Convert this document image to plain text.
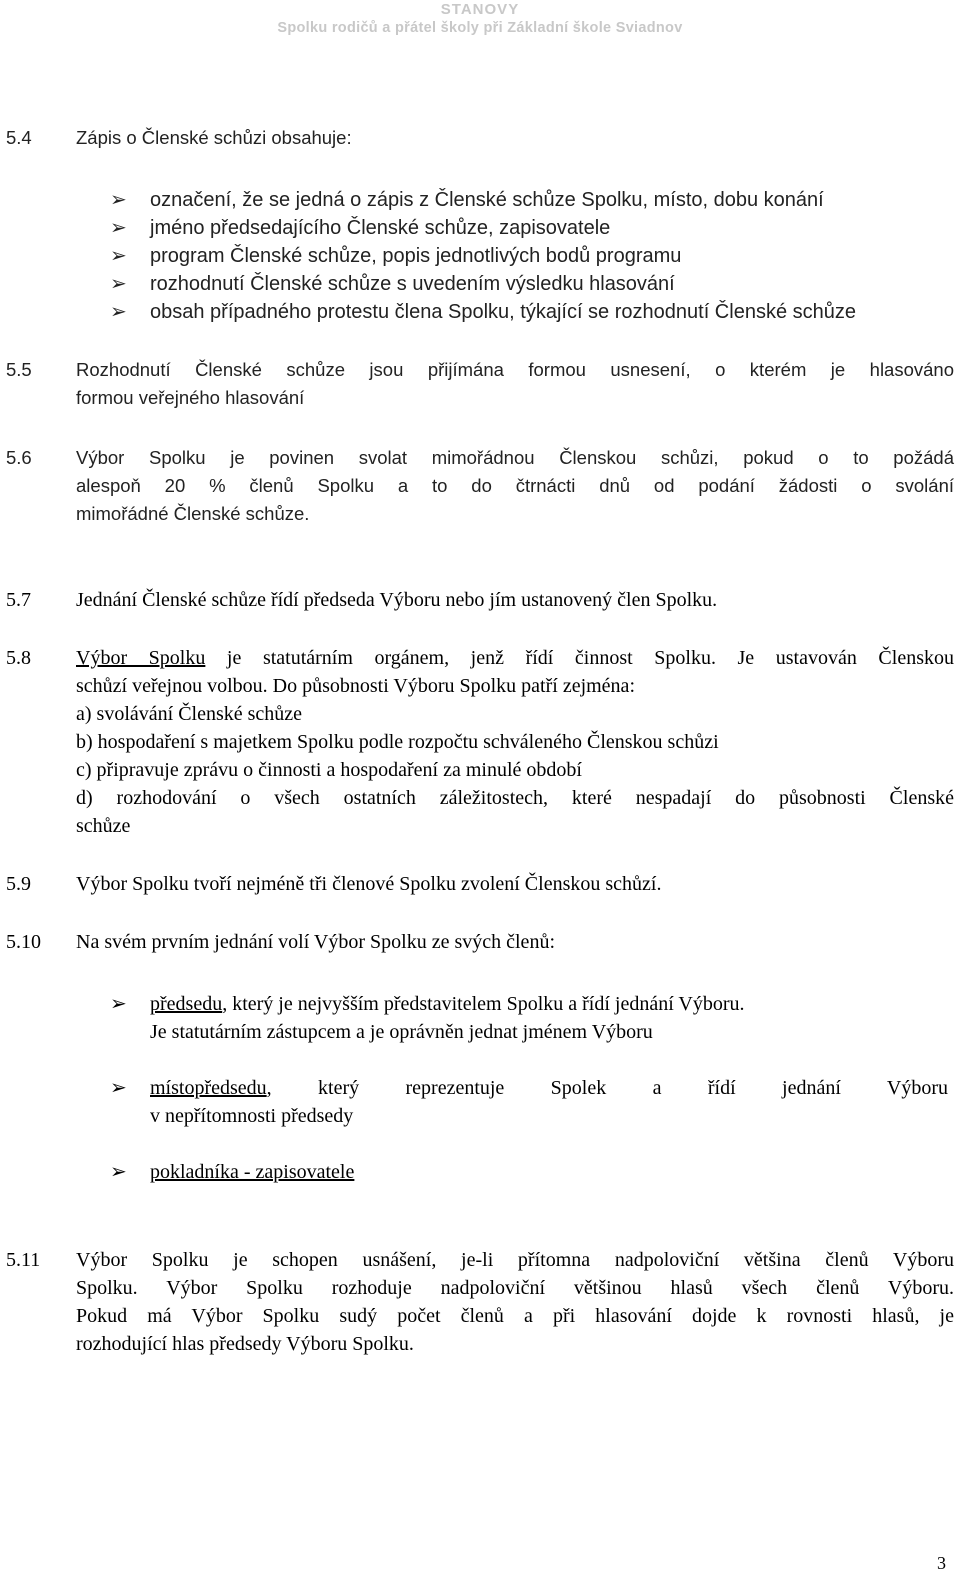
STANOVY
Spolku rodičů a přátel školy při Základní škole Sviadnov
5.4 Zápis o Členské schůzi obsahuje:
➢ označení, že se jedná o zápis z Členské schůze Spolku, místo, dobu konání
➢ jméno předsedajícího Členské schůze, zapisovatele
➢ program Členské schůze, popis jednotlivých bodů programu
➢ rozhodnutí Členské schůze s uvedením výsledku hlasování
➢ obsah případného protestu člena Spolku, týkající se rozhodnutí Členské schůze
5.5 Rozhodnutí Členské schůze jsou přijímána formou usnesení, o kterém je hlasováno
formou veřejného hlasování
5.6 Výbor Spolku je povinen svolat mimořádnou Členskou schůzi, pokud o to požádá
alespoň 20 % členů Spolku a to do čtrnácti dnů od podání žádosti o svolání
mimořádné Členské schůze.
5.7 Jednání Členské schůze řídí předseda Výboru nebo jím ustanovený člen Spolku.
5.8 Výbor Spolku je statutárním orgánem, jenž řídí činnost Spolku. Je ustavován Členskou
schůzí veřejnou volbou. Do působnosti Výboru Spolku patří zejména:
a) svolávání Členské schůze
b) hospodaření s majetkem Spolku podle rozpočtu schváleného Členskou schůzi
c) připravuje zprávu o činnosti a hospodaření za minulé období
d) rozhodování o všech ostatních záležitostech, které nespadají do působnosti Členské
schůze
5.9 Výbor Spolku tvoří nejméně tři členové Spolku zvolení Členskou schůzí.
5.10 Na svém prvním jednání volí Výbor Spolku ze svých členů:
➢ předsedu, který je nejvyšším představitelem Spolku a řídí jednání Výboru.
Je statutárním zástupcem a je oprávněn jednat jménem Výboru
➢ místopředsedu, který reprezentuje Spolek a řídí jednání Výboru
v nepřítomnosti předsedy
➢ pokladníka - zapisovatele
5.11 Výbor Spolku je schopen usnášení, je-li přítomna nadpoloviční většina členů Výboru
Spolku. Výbor Spolku rozhoduje nadpoloviční většinou hlasů všech členů Výboru.
Pokud má Výbor Spolku sudý počet členů a při hlasování dojde k rovnosti hlasů, je
rozhodující hlas předsedy Výboru Spolku.
3
